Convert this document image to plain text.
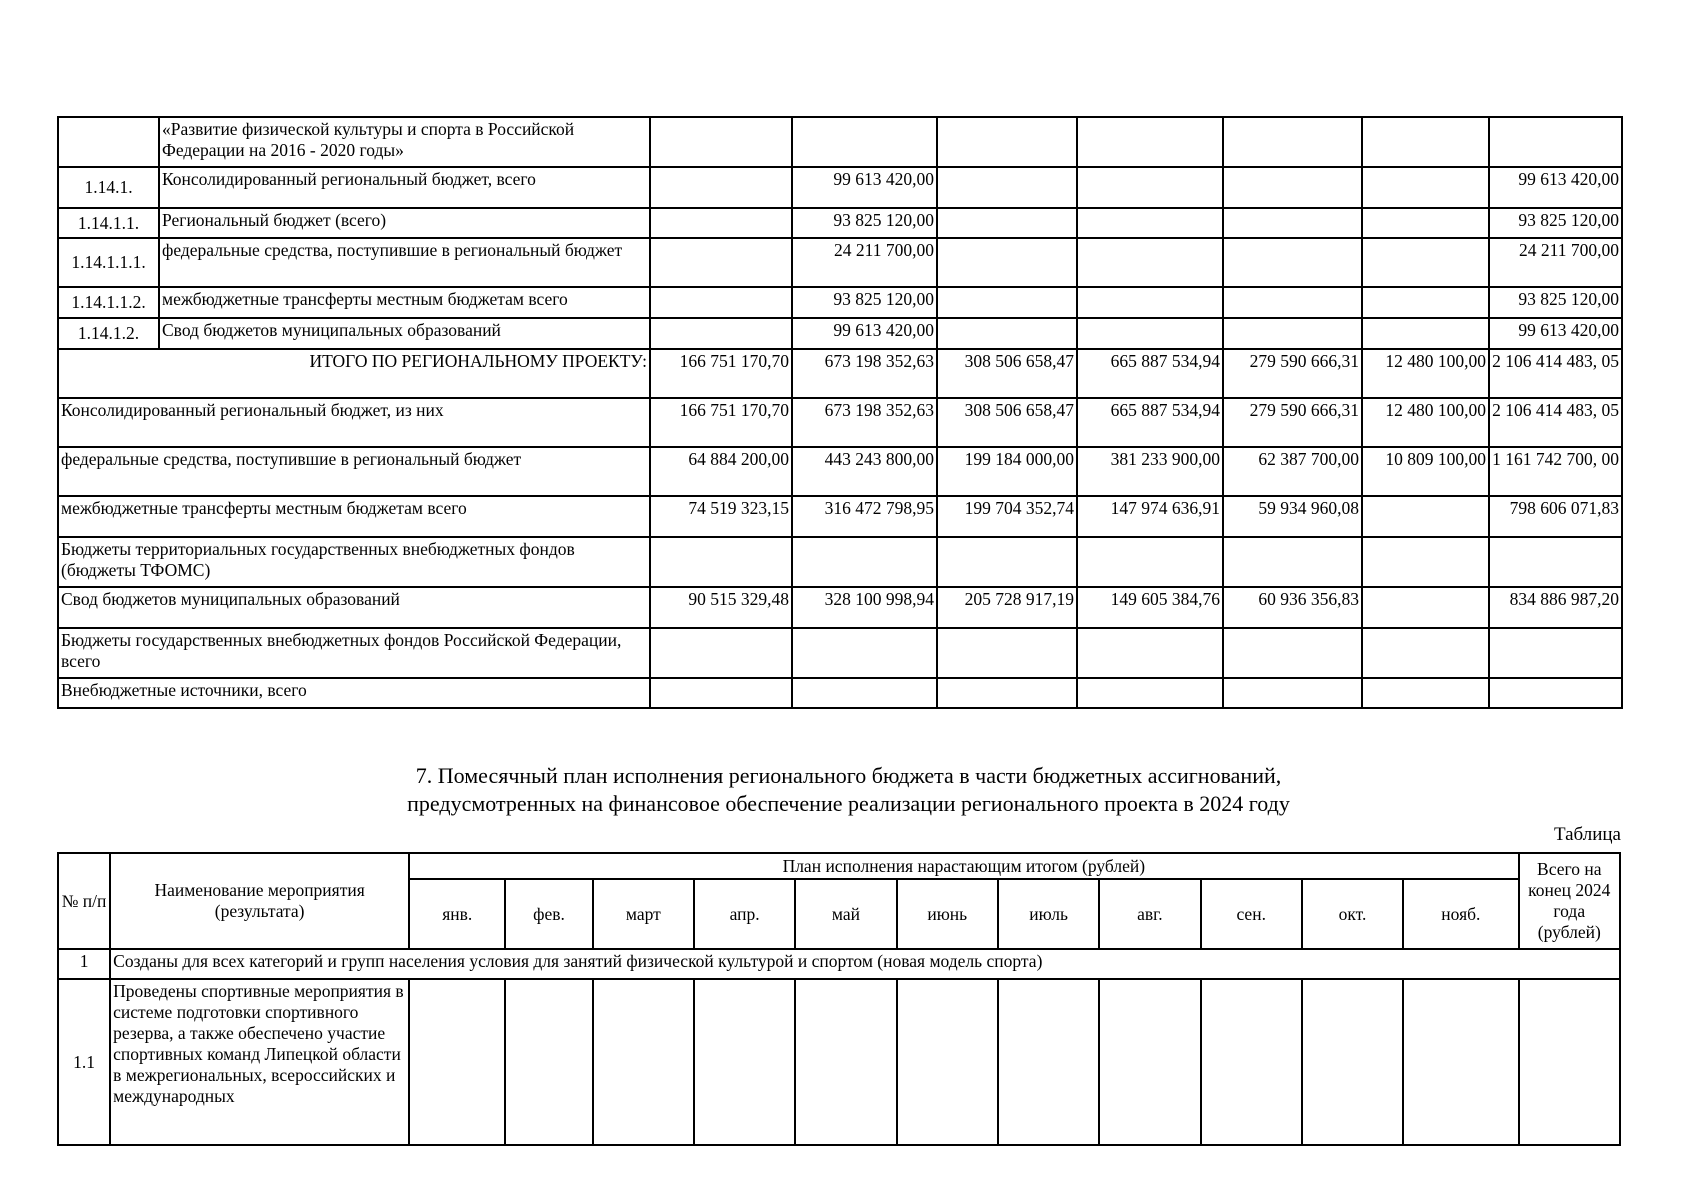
	«Развитие физической культуры и спорта в Российской Федерации на 2016 - 2020 годы»							
1.14.1.	Консолидированный региональный бюджет, всего		99 613 420,00					99 613 420,00
1.14.1.1.	Региональный бюджет (всего)		93 825 120,00					93 825 120,00
1.14.1.1.1.	федеральные средства, поступившие в региональный бюджет		24 211 700,00					24 211 700,00
1.14.1.1.2.	межбюджетные трансферты местным бюджетам всего		93 825 120,00					93 825 120,00
1.14.1.2.	Свод бюджетов муниципальных образований		99 613 420,00					99 613 420,00
ИТОГО ПО РЕГИОНАЛЬНОМУ ПРОЕКТУ:		166 751 170,70	673 198 352,63	308 506 658,47	665 887 534,94	279 590 666,31	12 480 100,00	2 106 414 483, 05
Консолидированный региональный бюджет, из них		166 751 170,70	673 198 352,63	308 506 658,47	665 887 534,94	279 590 666,31	12 480 100,00	2 106 414 483, 05
федеральные средства, поступившие в региональный бюджет		64 884 200,00	443 243 800,00	199 184 000,00	381 233 900,00	62 387 700,00	10 809 100,00	1 161 742 700, 00
межбюджетные трансферты местным бюджетам всего		74 519 323,15	316 472 798,95	199 704 352,74	147 974 636,91	59 934 960,08		798 606 071,83
Бюджеты территориальных государственных внебюджетных фондов (бюджеты ТФОМС)								
Свод бюджетов муниципальных образований		90 515 329,48	328 100 998,94	205 728 917,19	149 605 384,76	60 936 356,83		834 886 987,20
Бюджеты государственных внебюджетных фондов Российской Федерации, всего								
Внебюджетные источники, всего								
7. Помесячный план исполнения регионального бюджета в части бюджетных ассигнований,
предусмотренных на финансовое обеспечение реализации регионального проекта в 2024 году
Таблица
№ п/п	Наименование мероприятия (результата)	План исполнения нарастающим итогом (рублей)											Всего на конец 2024 года (рублей)
		янв.	фев.	март	апр.	май	июнь	июль	авг.	сен.	окт.	нояб.	
1	Созданы для всех категорий и групп населения условия для занятий физической культурой и спортом (новая модель спорта)												
1.1	Проведены спортивные мероприятия в системе подготовки спортивного резерва, а также обеспечено участие спортивных команд Липецкой области в межрегиональных, всероссийских и международных												
